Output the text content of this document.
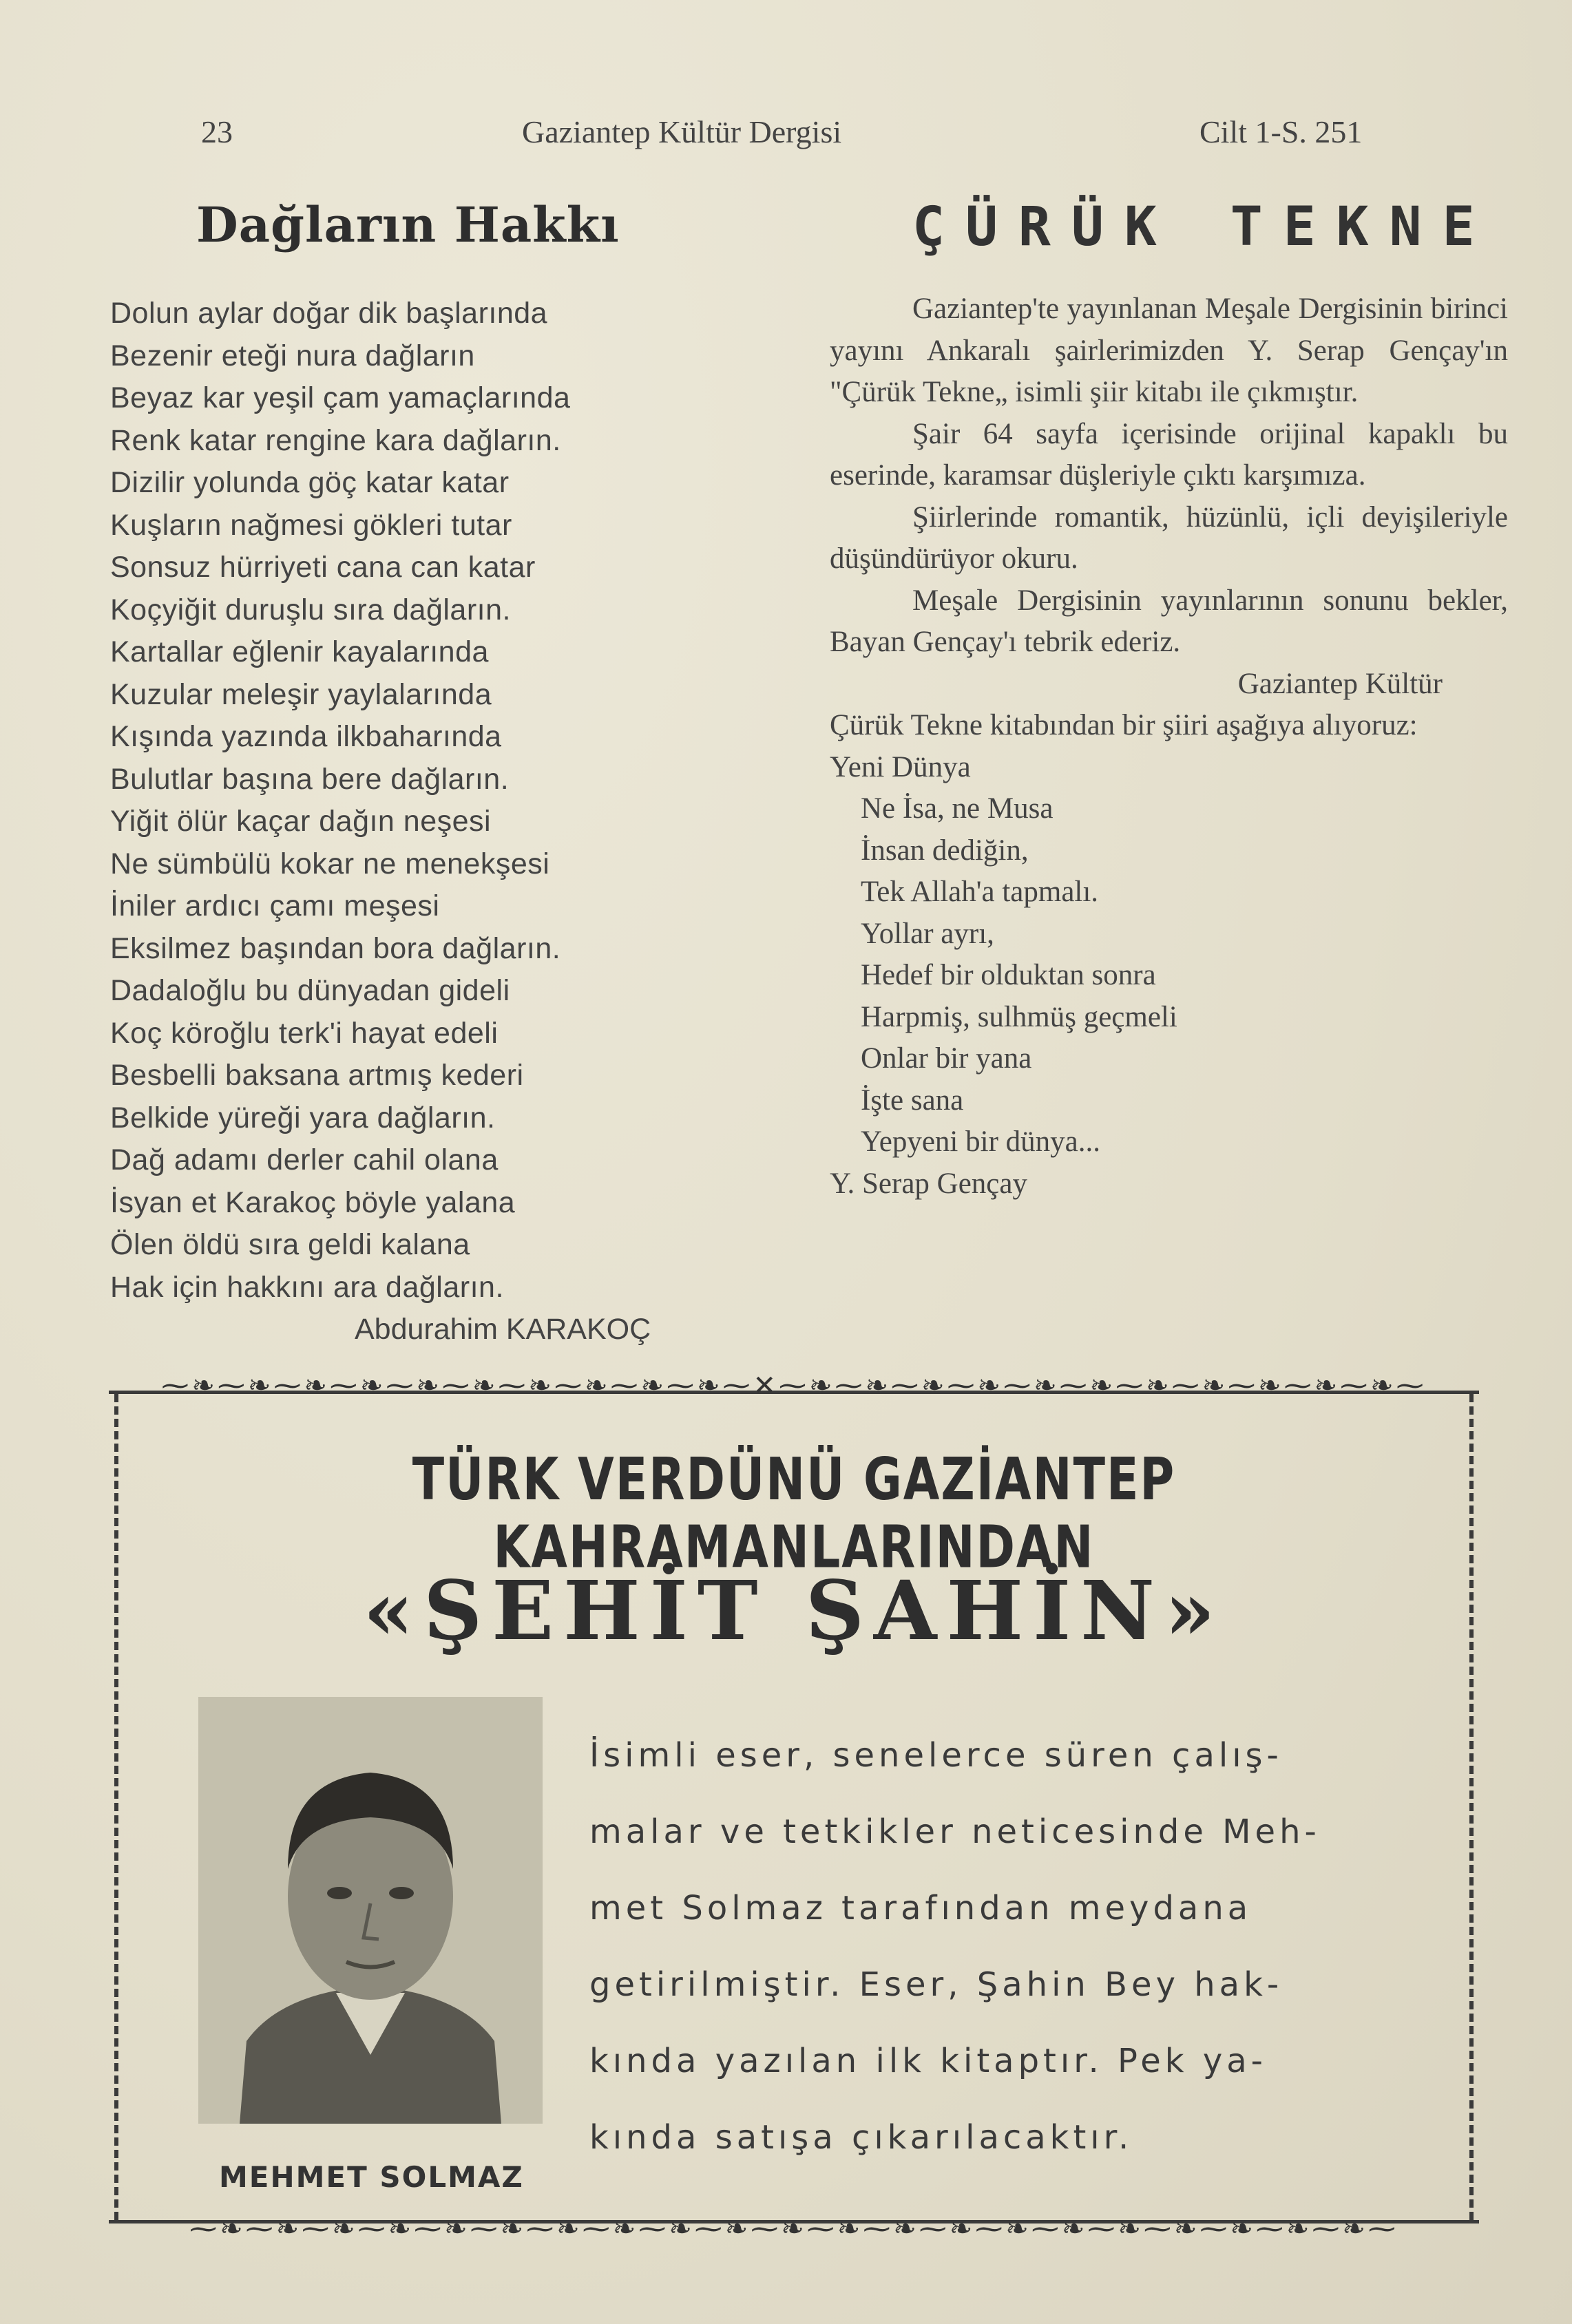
23	Gaziantep Kültür Dergisi	Cilt 1-S. 251
Dağların Hakkı
Dolun aylar doğar dik başlarında
Bezenir eteği nura dağların
Beyaz kar yeşil çam yamaçlarında
Renk katar rengine kara dağların.
Dizilir yolunda göç katar katar
Kuşların nağmesi gökleri tutar
Sonsuz hürriyeti cana can katar
Koçyiğit duruşlu sıra dağların.
Kartallar eğlenir kayalarında
Kuzular meleşir yaylalarında
Kışında yazında ilkbaharında
Bulutlar başına bere dağların.
Yiğit ölür kaçar dağın neşesi
Ne sümbülü kokar ne menekşesi
İniler ardıcı çamı meşesi
Eksilmez başından bora dağların.
Dadaloğlu bu dünyadan gideli
Koç köroğlu terk'i hayat edeli
Besbelli baksana artmış kederi
Belkide yüreği yara dağların.
Dağ adamı derler cahil olana
İsyan et Karakoç böyle yalana
Ölen öldü sıra geldi kalana
Hak için hakkını ara dağların.
Abdurahim KARAKOÇ
ÇÜRÜK TEKNE

Gaziantep'te yayınlanan Meşale Dergisinin birinci yayını Ankaralı şairlerimizden Y. Serap Gençay'ın "Çürük Tekne„ isimli şiir kitabı ile çıkmıştır.

Şair 64 sayfa içerisinde orijinal kapaklı bu eserinde, karamsar düşleriyle çıktı karşımıza.

Şiirlerinde romantik, hüzünlü, içli deyişileriyle düşündürüyor okuru.

Meşale Dergisinin yayınlarının sonunu bekler, Bayan Gençay'ı tebrik ederiz.

Gaziantep Kültür

Çürük Tekne kitabından bir şiiri aşağıya alıyoruz:

Yeni Dünya

Ne İsa, ne Musa
İnsan dediğin,
Tek Allah'a tapmalı.
Yollar ayrı,
Hedef bir olduktan sonra
Harpmiş, sulhmüş geçmeli
Onlar bir yana
İşte sana
Yepyeni bir dünya...

Y. Serap Gençay

⁓❧⁓❧⁓❧⁓❧⁓❧⁓❧⁓❧⁓❧⁓❧⁓❧⁓✕⁓❧⁓❧⁓❧⁓❧⁓❧⁓❧⁓❧⁓❧⁓❧⁓❧⁓❧⁓
TÜRK VERDÜNÜ GAZİANTEP KAHRAMANLARINDAN
«ŞEHİT ŞAHİN»
MEHMET SOLMAZ
İsimli eser, senelerce süren çalış-
malar ve tetkikler neticesinde Meh-
met Solmaz tarafından meydana
getirilmiştir. Eser, Şahin Bey hak-
kında yazılan ilk kitaptır. Pek ya-
kında satışa çıkarılacaktır.
⁓❧⁓❧⁓❧⁓❧⁓❧⁓❧⁓❧⁓❧⁓❧⁓❧⁓❧⁓❧⁓❧⁓❧⁓❧⁓❧⁓❧⁓❧⁓❧⁓❧⁓❧⁓
